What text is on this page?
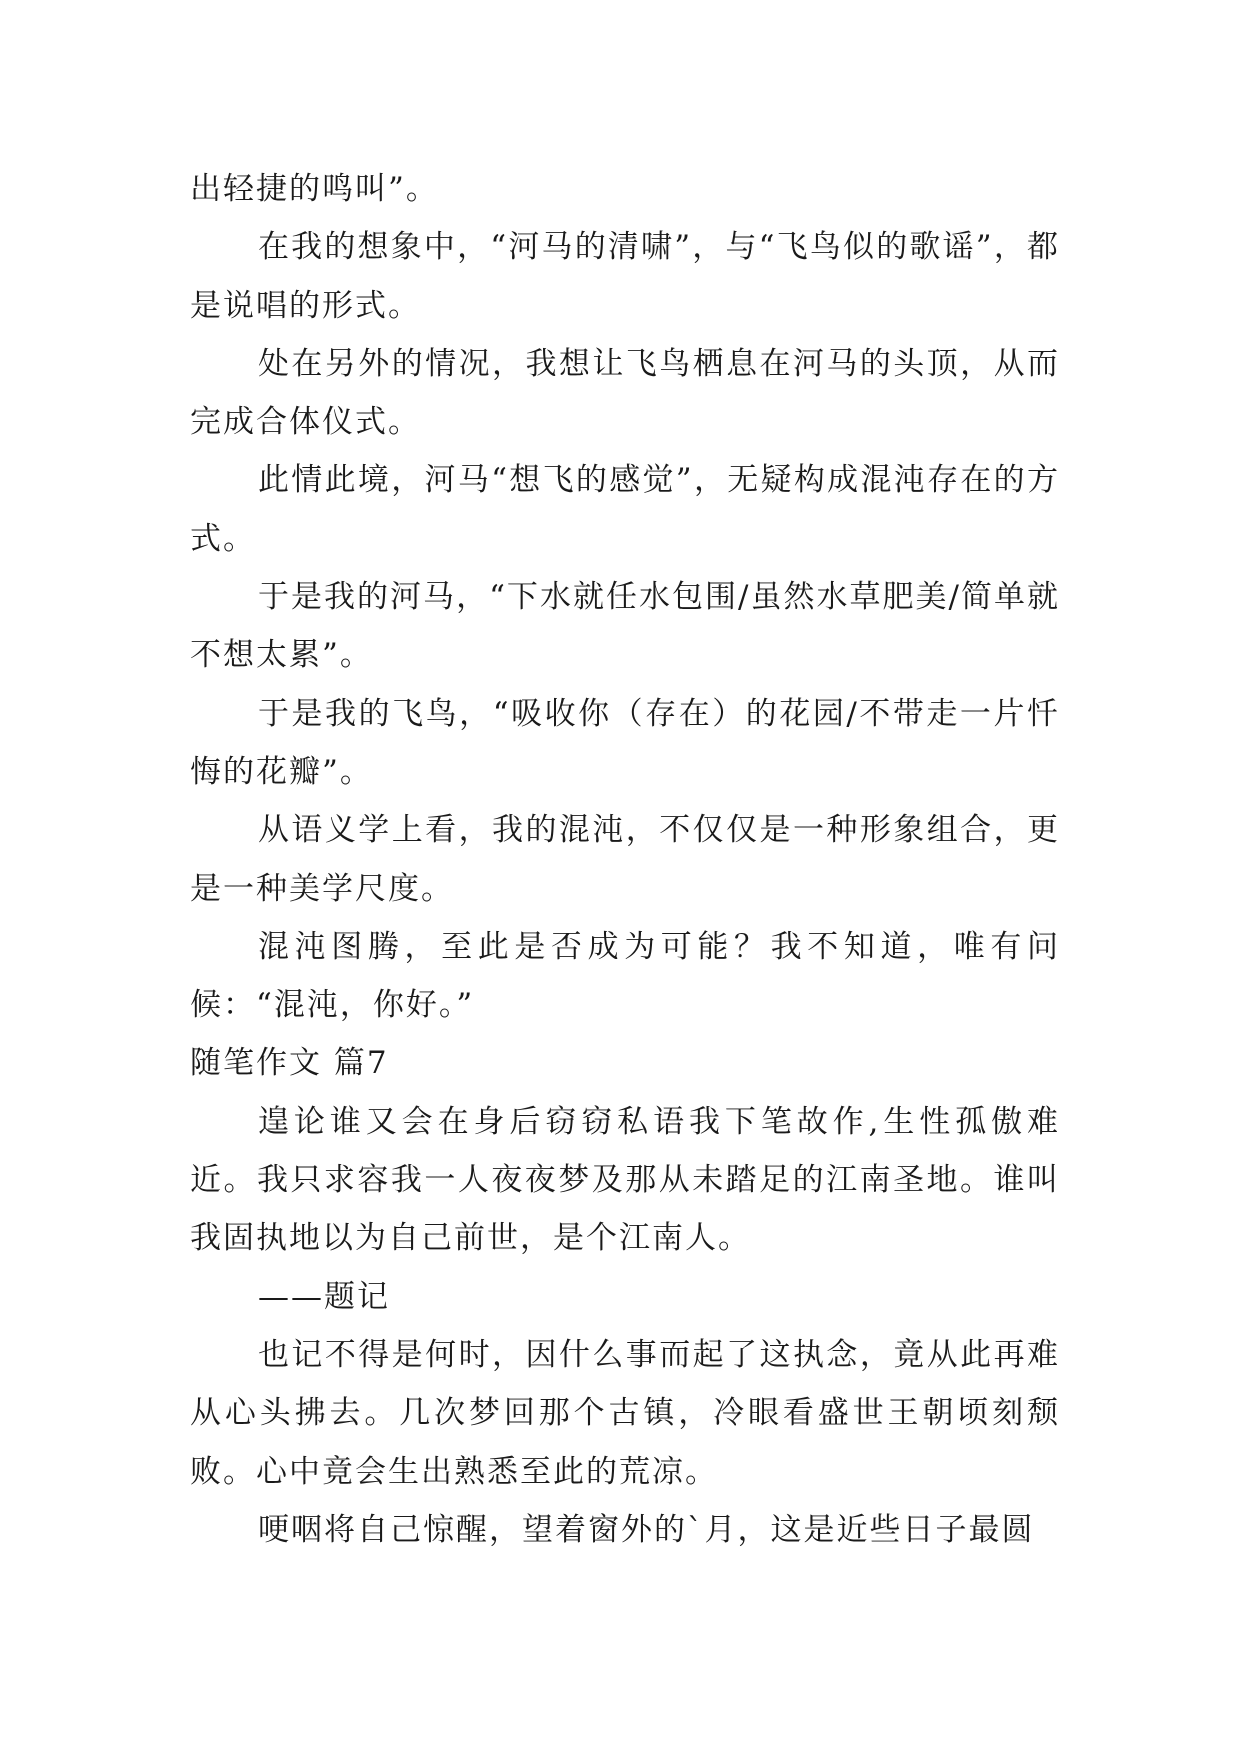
出轻捷的鸣叫”。

在我的想象中，“河马的清啸”，与“飞鸟似的歌谣”，都是说唱的形式。

处在另外的情况，我想让飞鸟栖息在河马的头顶，从而完成合体仪式。

此情此境，河马“想飞的感觉”，无疑构成混沌存在的方式。

于是我的河马，“下水就任水包围/虽然水草肥美/简单就不想太累”。

于是我的飞鸟，“吸收你（存在）的花园/不带走一片忏悔的花瓣”。

从语义学上看，我的混沌，不仅仅是一种形象组合，更是一种美学尺度。

混沌图腾，至此是否成为可能？我不知道，唯有问候：“混沌，你好。”

随笔作文 篇7

遑论谁又会在身后窃窃私语我下笔故作,生性孤傲难近。我只求容我一人夜夜梦及那从未踏足的江南圣地。谁叫我固执地以为自己前世，是个江南人。

——题记

也记不得是何时，因什么事而起了这执念，竟从此再难从心头拂去。几次梦回那个古镇，冷眼看盛世王朝顷刻颓败。心中竟会生出熟悉至此的荒凉。

哽咽将自己惊醒，望着窗外的`月，这是近些日子最圆
